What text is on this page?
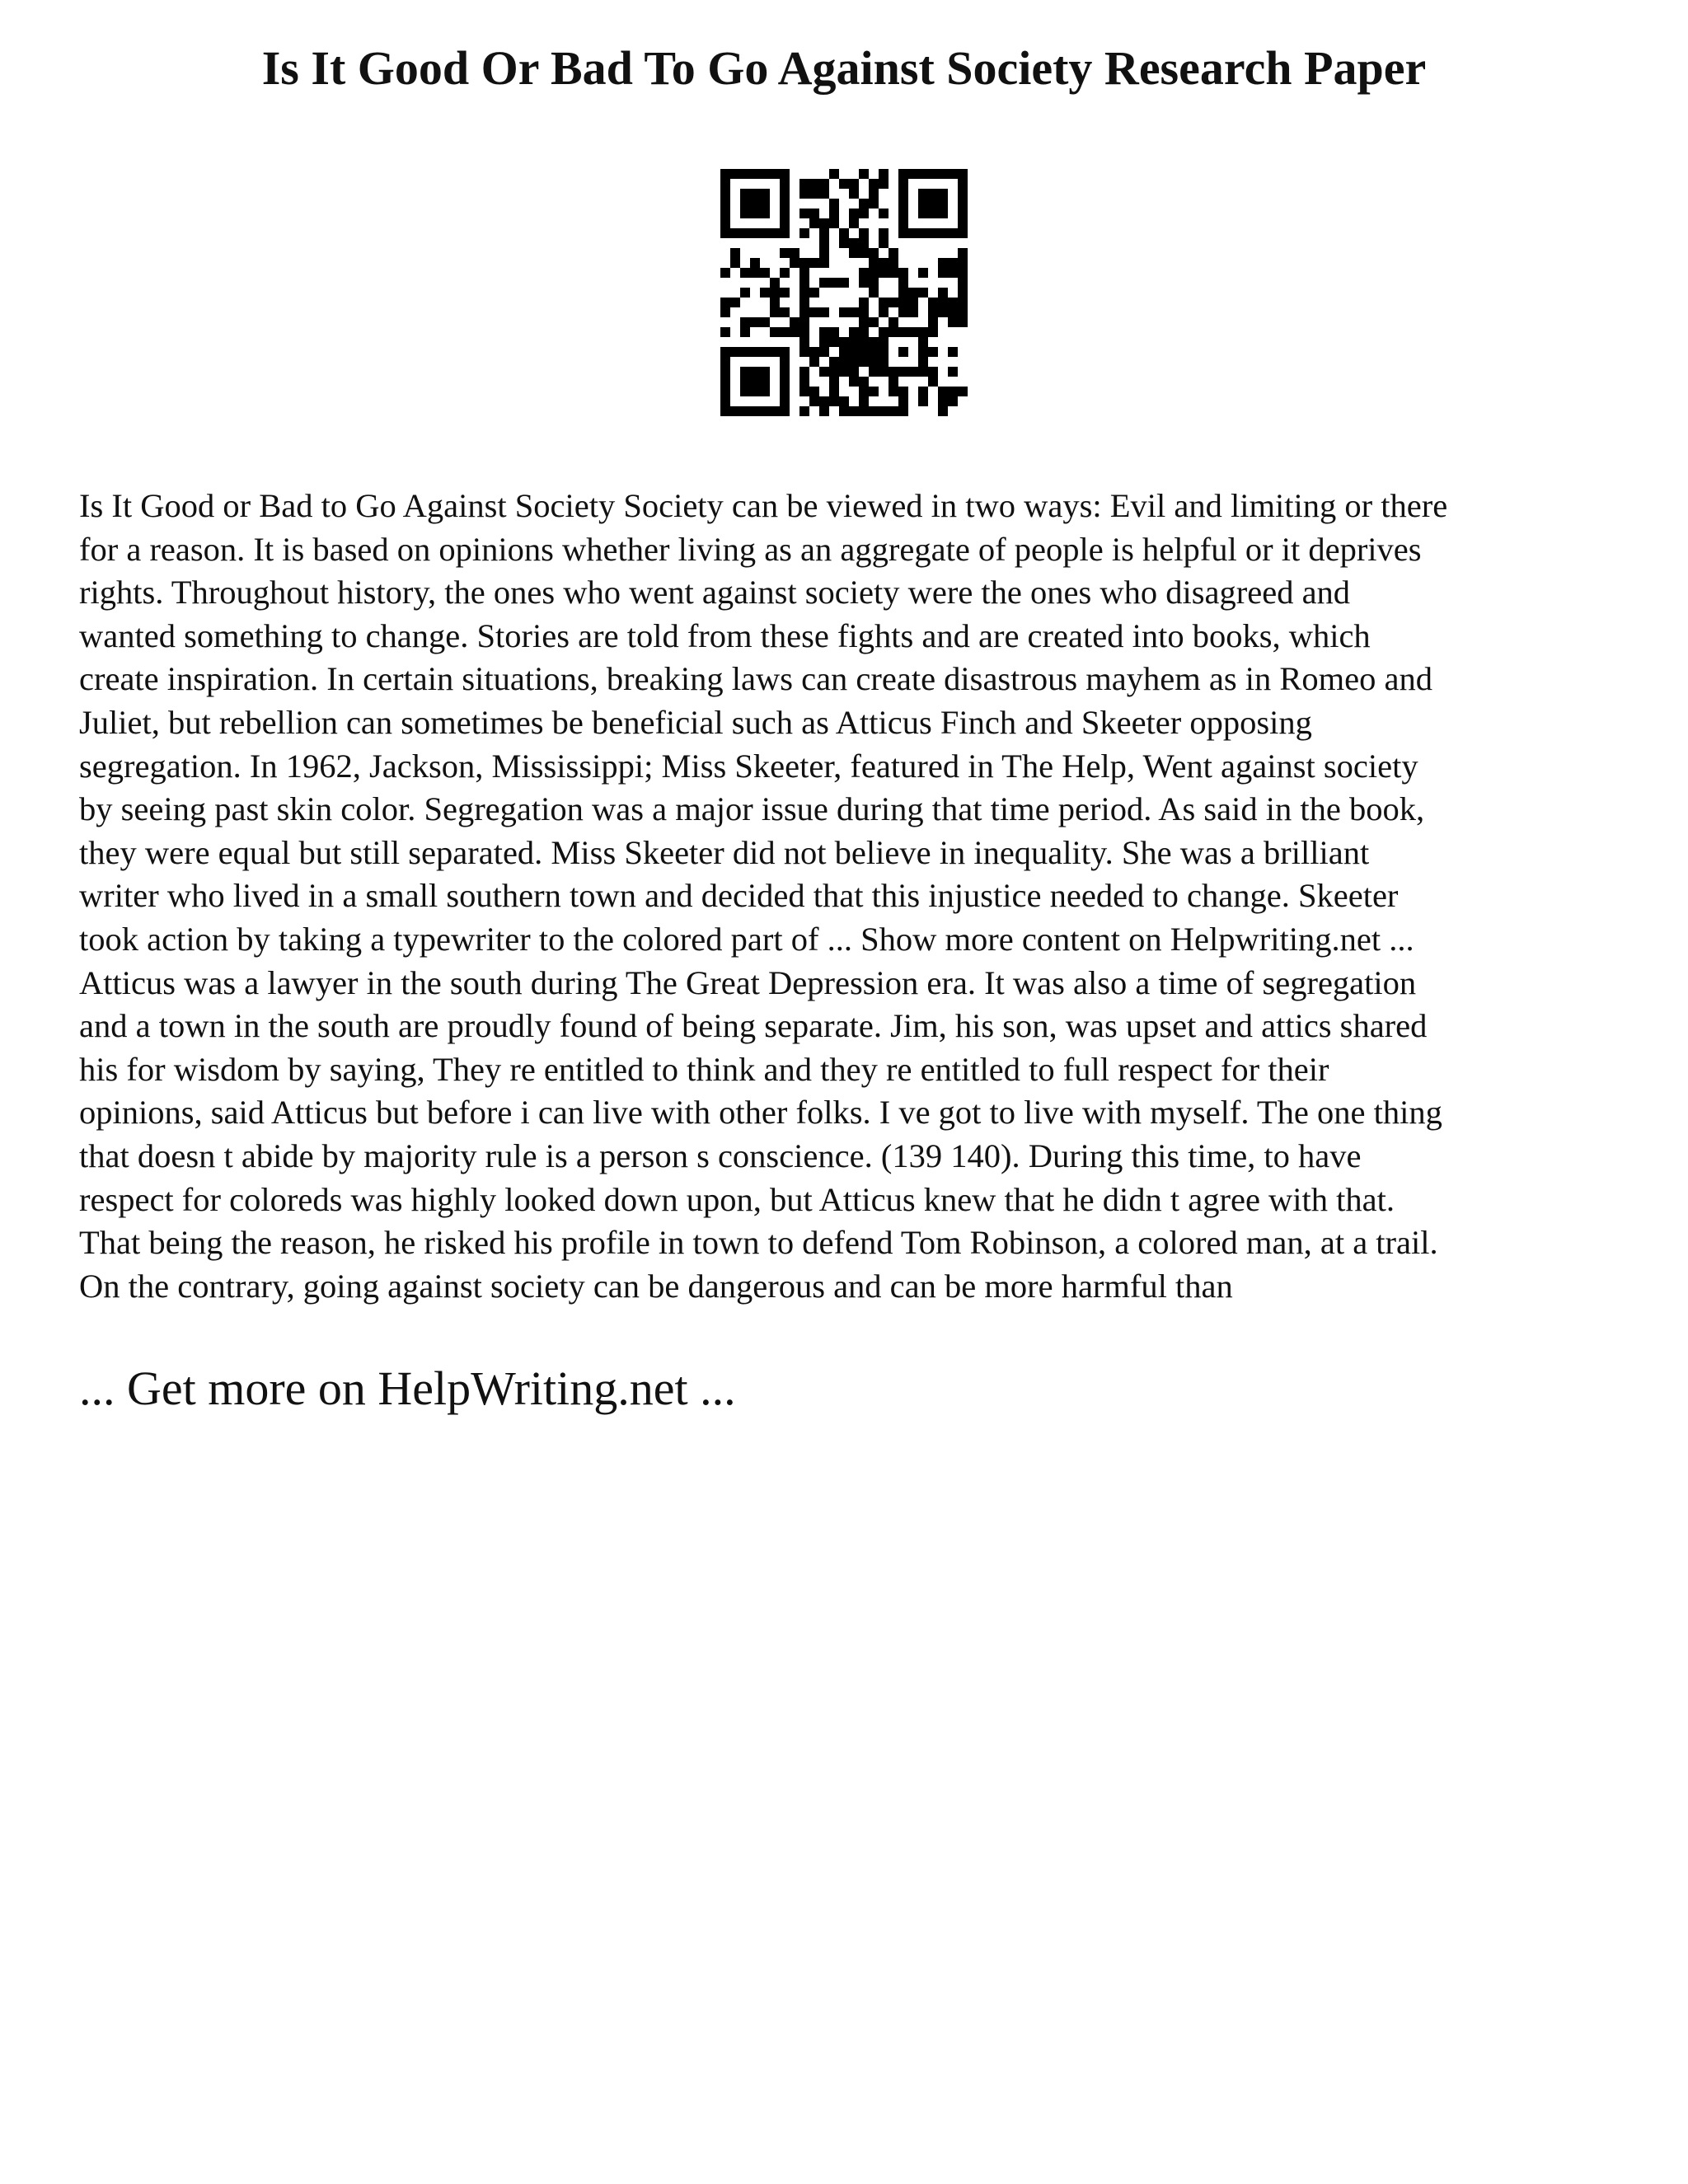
Is It Good Or Bad To Go Against Society Research Paper
Is It Good or Bad to Go Against Society Society can be viewed in two ways: Evil and limiting or there
for a reason. It is based on opinions whether living as an aggregate of people is helpful or it deprives
rights. Throughout history, the ones who went against society were the ones who disagreed and
wanted something to change. Stories are told from these fights and are created into books, which
create inspiration. In certain situations, breaking laws can create disastrous mayhem as in Romeo and
Juliet, but rebellion can sometimes be beneficial such as Atticus Finch and Skeeter opposing
segregation. In 1962, Jackson, Mississippi; Miss Skeeter, featured in The Help, Went against society
by seeing past skin color. Segregation was a major issue during that time period. As said in the book,
they were equal but still separated. Miss Skeeter did not believe in inequality. She was a brilliant
writer who lived in a small southern town and decided that this injustice needed to change. Skeeter
took action by taking a typewriter to the colored part of ... Show more content on Helpwriting.net ...
Atticus was a lawyer in the south during The Great Depression era. It was also a time of segregation
and a town in the south are proudly found of being separate. Jim, his son, was upset and attics shared
his for wisdom by saying, They re entitled to think and they re entitled to full respect for their
opinions, said Atticus but before i can live with other folks. I ve got to live with myself. The one thing
that doesn t abide by majority rule is a person s conscience. (139 140). During this time, to have
respect for coloreds was highly looked down upon, but Atticus knew that he didn t agree with that.
That being the reason, he risked his profile in town to defend Tom Robinson, a colored man, at a trail.
On the contrary, going against society can be dangerous and can be more harmful than

... Get more on HelpWriting.net ...
